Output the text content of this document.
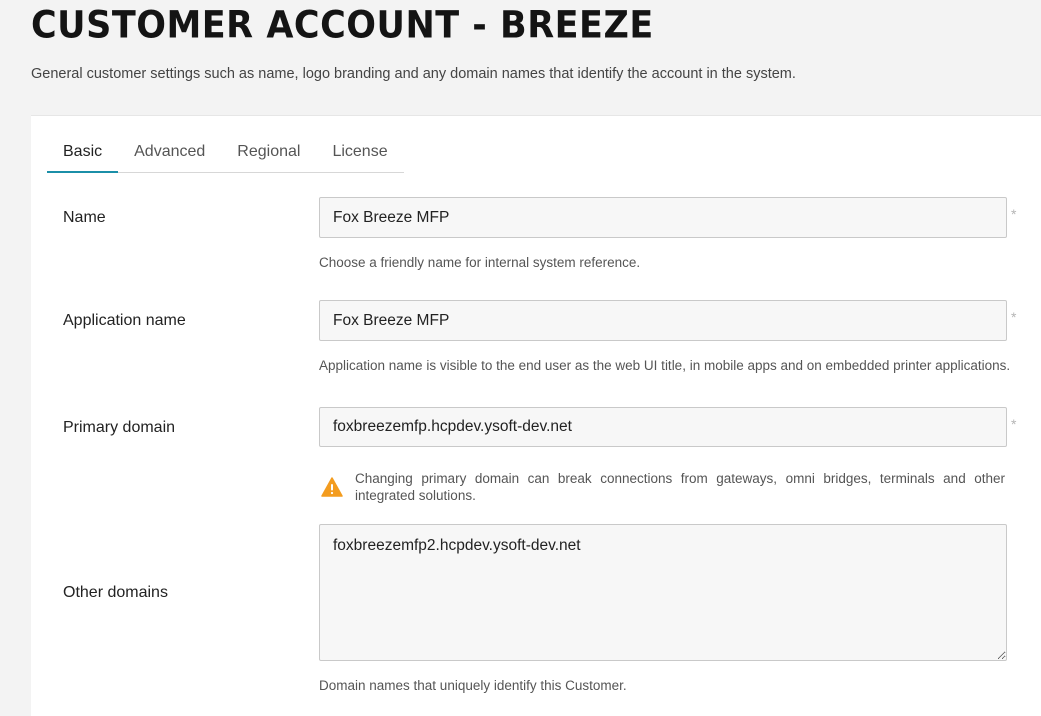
CUSTOMER ACCOUNT - BREEZE
General customer settings such as name, logo branding and any domain names that identify the account in the system.
Basic	Advanced	Regional	License
Name
Fox Breeze MFP	*
Choose a friendly name for internal system reference.
Application name
Fox Breeze MFP	*
Application name is visible to the end user as the web UI title, in mobile apps and on embedded printer applications.
Primary domain
foxbreezemfp.hcpdev.ysoft-dev.net	*
Changing primary domain can break connections from gateways, omni bridges, terminals and other integrated solutions.
Other domains
foxbreezemfp2.hcpdev.ysoft-dev.net
Domain names that uniquely identify this Customer.
